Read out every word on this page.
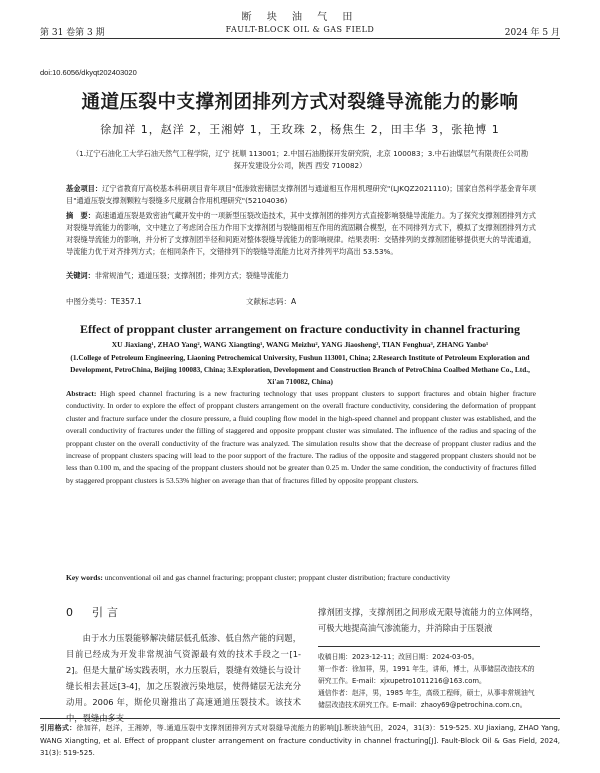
断 块 油 气 田
第 31 卷第 3 期	FAULT-BLOCK OIL & GAS FIELD	2024 年 5 月
doi:10.6056/dkyqt202403020
通道压裂中支撑剂团排列方式对裂缝导流能力的影响
徐加祥 1，赵洋 2，王湘婷 1，王玫珠 2，杨焦生 2，田丰华 3，张艳博 1
（1.辽宁石油化工大学石油天然气工程学院，辽宁 抚顺 113001；2.中国石油勘探开发研究院，北京 100083；3.中石油煤层气有限责任公司勘探开发建设分公司，陕西 西安 710082）
基金项目：辽宁省教育厅高校基本科研项目青年项目"低渗致密储层支撑剂团与通道相互作用机理研究"(LJKQZ2021110)；国家自然科学基金青年项目"通道压裂支撑剂颗粒与裂缝多尺度耦合作用机理研究"(52104036)
摘　要：高速通道压裂是致密油气藏开发中的一项新型压裂改造技术，其中支撑剂团的排列方式直接影响裂缝导流能力。为了探究支撑剂团排列方式对裂缝导流能力的影响，文中建立了考虑闭合压力作用下支撑剂团与裂缝面相互作用的流固耦合模型，在不同排列方式下，模拟了支撑剂团排列方式对裂缝导流能力的影响，并分析了支撑剂团半径和间距对整体裂缝导流能力的影响规律。结果表明：交错排列的支撑剂团能够提供更大的导流通道，导流能力优于对齐排列方式；在相同条件下，交错排列下的裂缝导流能力比对齐排列平均高出 53.53%。
关键词：非常规油气；通道压裂；支撑剂团；排列方式；裂缝导流能力
中图分类号：TE357.1	文献标志码：A
Effect of proppant cluster arrangement on fracture conductivity in channel fracturing
XU Jiaxiang¹, ZHAO Yang², WANG Xiangting¹, WANG Meizhu², YANG Jiaosheng², TIAN Fenghua³, ZHANG Yanbo¹
(1.College of Petroleum Engineering, Liaoning Petrochemical University, Fushun 113001, China; 2.Research Institute of Petroleum Exploration and Development, PetroChina, Beijing 100083, China; 3.Exploration, Development and Construction Branch of PetroChina Coalbed Methane Co., Ltd., Xi'an 710082, China)
Abstract: High speed channel fracturing is a new fracturing technology that uses proppant clusters to support fractures and obtain higher fracture conductivity. In order to explore the effect of proppant clusters arrangement on the overall fracture conductivity, considering the deformation of proppant cluster and fracture surface under the closure pressure, a fluid coupling flow model in the high-speed channel and proppant cluster was established, and the overall conductivity of fractures under the filling of staggered and opposite proppant cluster was simulated. The influence of the radius and spacing of the proppant cluster on the overall conductivity of the fracture was analyzed. The simulation results show that the decrease of proppant cluster radius and the increase of proppant clusters spacing will lead to the poor support of the fracture. The radius of the opposite and staggered proppant clusters should not be less than 0.100 m, and the spacing of the proppant clusters should not be greater than 0.25 m. Under the same condition, the conductivity of fractures filled by staggered proppant clusters is 53.53% higher on average than that of fractures filled by opposite proppant clusters.
Key words: unconventional oil and gas channel fracturing; proppant cluster; proppant cluster distribution; fracture conductivity
0　引言
由于水力压裂能够解决储层低孔低渗、低自然产能的问题，目前已经成为开发非常规油气资源最有效的技术手段之一[1-2]。但是大量矿场实践表明，水力压裂后，裂缝有效缝长与设计缝长相去甚远[3-4]，加之压裂液污染地层，使得储层无法充分动用。2006 年，斯伦贝谢推出了高速通道压裂技术。该技术中，裂缝由多支
撑剂团支撑，支撑剂团之间形成无限导流能力的立体网络，可极大地提高油气渗流能力，并消除由于压裂液

收稿日期：2023-12-11；改回日期：2024-03-05。

第一作者：徐加祥，男，1991 年生，讲师，博士，从事储层改造技术的研究工作。E-mail：xjxupetro1011216@163.com。

通信作者：赵洋，男，1985 年生，高级工程师，硕士，从事非常规油气储层改造技术研究工作。E-mail：zhaoy69@petrochina.com.cn。

引用格式：徐加祥，赵洋，王湘婷，等.通道压裂中支撑剂团排列方式对裂缝导流能力的影响[J].断块油气田，2024，31(3)：519-525. XU Jiaxiang, ZHAO Yang, WANG Xiangting, et al. Effect of proppant cluster arrangement on fracture conductivity in channel fracturing[J]. Fault-Block Oil & Gas Field, 2024, 31(3): 519-525.
